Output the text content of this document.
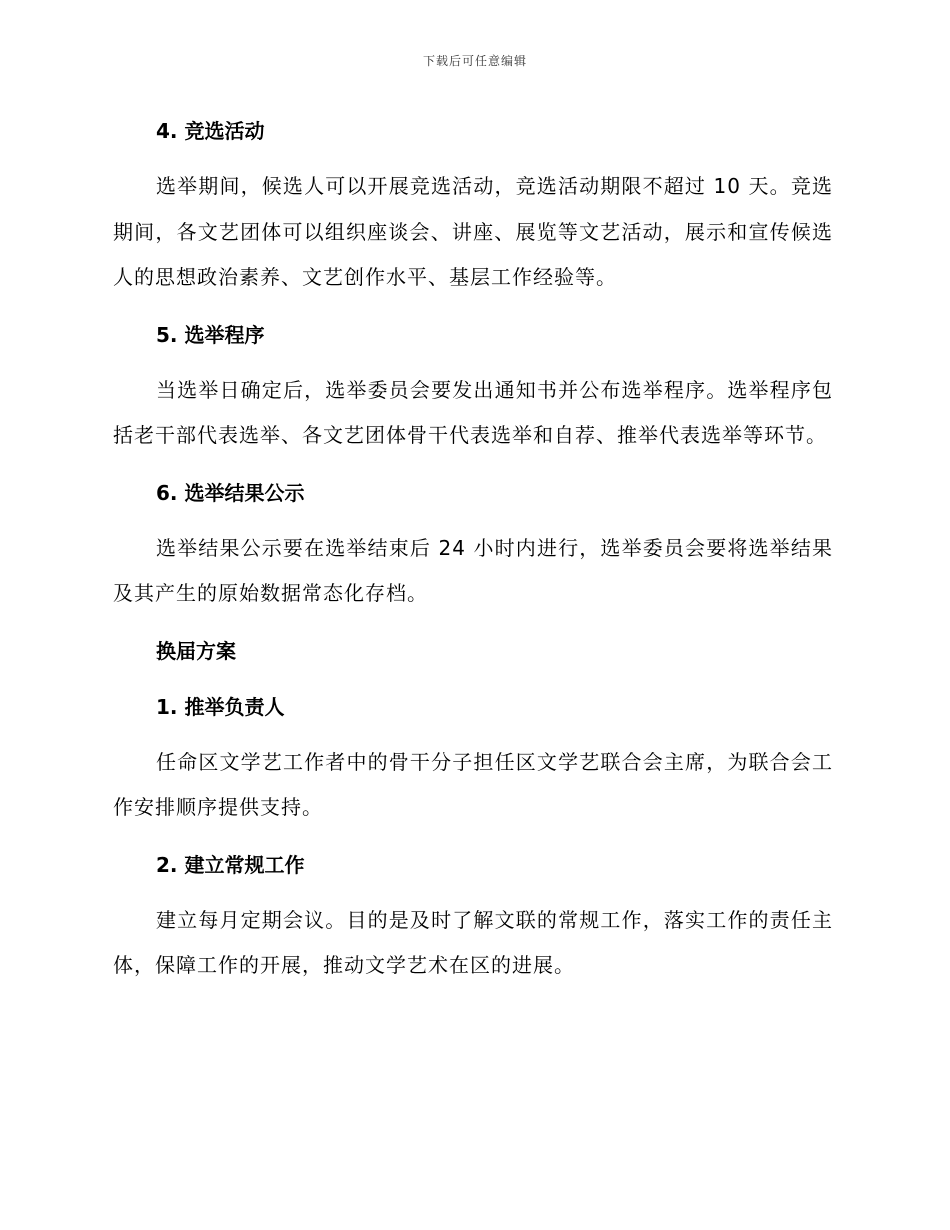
下载后可任意编辑
4. 竞选活动

选举期间，候选人可以开展竞选活动，竞选活动期限不超过 10 天。竞选期间，各文艺团体可以组织座谈会、讲座、展览等文艺活动，展示和宣传候选人的思想政治素养、文艺创作水平、基层工作经验等。

5. 选举程序

当选举日确定后，选举委员会要发出通知书并公布选举程序。选举程序包括老干部代表选举、各文艺团体骨干代表选举和自荐、推举代表选举等环节。

6. 选举结果公示

选举结果公示要在选举结束后 24 小时内进行，选举委员会要将选举结果及其产生的原始数据常态化存档。

换届方案
1. 推举负责人

任命区文学艺工作者中的骨干分子担任区文学艺联合会主席，为联合会工作安排顺序提供支持。

2. 建立常规工作

建立每月定期会议。目的是及时了解文联的常规工作，落实工作的责任主体，保障工作的开展，推动文学艺术在区的进展。
